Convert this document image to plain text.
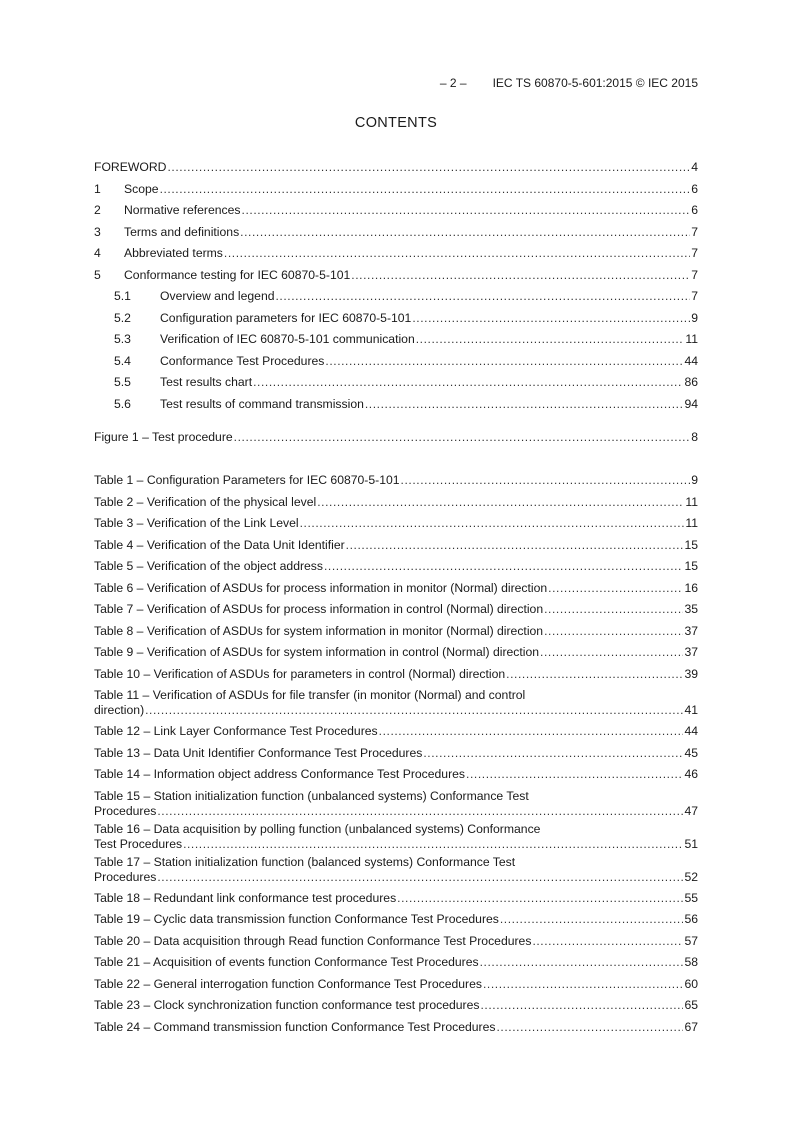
– 2 – IEC TS 60870-5-601:2015 © IEC 2015
CONTENTS
FOREWORD .....	4
1	Scope .....	6
2	Normative references .....	6
3	Terms and definitions .....	7
4	Abbreviated terms .....	7
5	Conformance testing for IEC 60870-5-101 .....	7
5.1	Overview and legend .....	7
5.2	Configuration parameters for IEC 60870-5-101 .....	9
5.3	Verification of IEC 60870-5-101 communication .....	11
5.4	Conformance Test Procedures .....	44
5.5	Test results chart .....	86
5.6	Test results of command transmission .....	94
Figure 1 – Test procedure .....	8
Table 1 – Configuration Parameters for IEC 60870-5-101 .....	9
Table 2 – Verification of the physical level .....	11
Table 3 – Verification of the Link Level .....	11
Table 4 – Verification of the Data Unit Identifier .....	15
Table 5 – Verification of the object address .....	15
Table 6 – Verification of ASDUs for process information in monitor (Normal) direction .....	16
Table 7 – Verification of ASDUs for process information in control (Normal) direction .....	35
Table 8 – Verification of ASDUs for system information in monitor (Normal) direction .....	37
Table 9 – Verification of ASDUs for system information in control (Normal) direction .....	37
Table 10 – Verification of ASDUs for parameters in control (Normal) direction .....	39
Table 11 – Verification of ASDUs for file transfer (in monitor (Normal) and control
direction) .....	41
Table 12 – Link Layer Conformance Test Procedures .....	44
Table 13 – Data Unit Identifier Conformance Test Procedures .....	45
Table 14 – Information object address Conformance Test Procedures .....	46
Table 15 – Station initialization function (unbalanced systems) Conformance Test
Procedures .....	47
Table 16 – Data acquisition by polling function (unbalanced systems) Conformance
Test Procedures .....	51
Table 17 – Station initialization function (balanced systems) Conformance Test
Procedures .....	52
Table 18 – Redundant link conformance test procedures .....	55
Table 19 – Cyclic data transmission function Conformance Test Procedures .....	56
Table 20 – Data acquisition through Read function Conformance Test Procedures .....	57
Table 21 – Acquisition of events function Conformance Test Procedures .....	58
Table 22 – General interrogation function Conformance Test Procedures .....	60
Table 23 – Clock synchronization function conformance test procedures .....	65
Table 24 – Command transmission function Conformance Test Procedures .....	67
